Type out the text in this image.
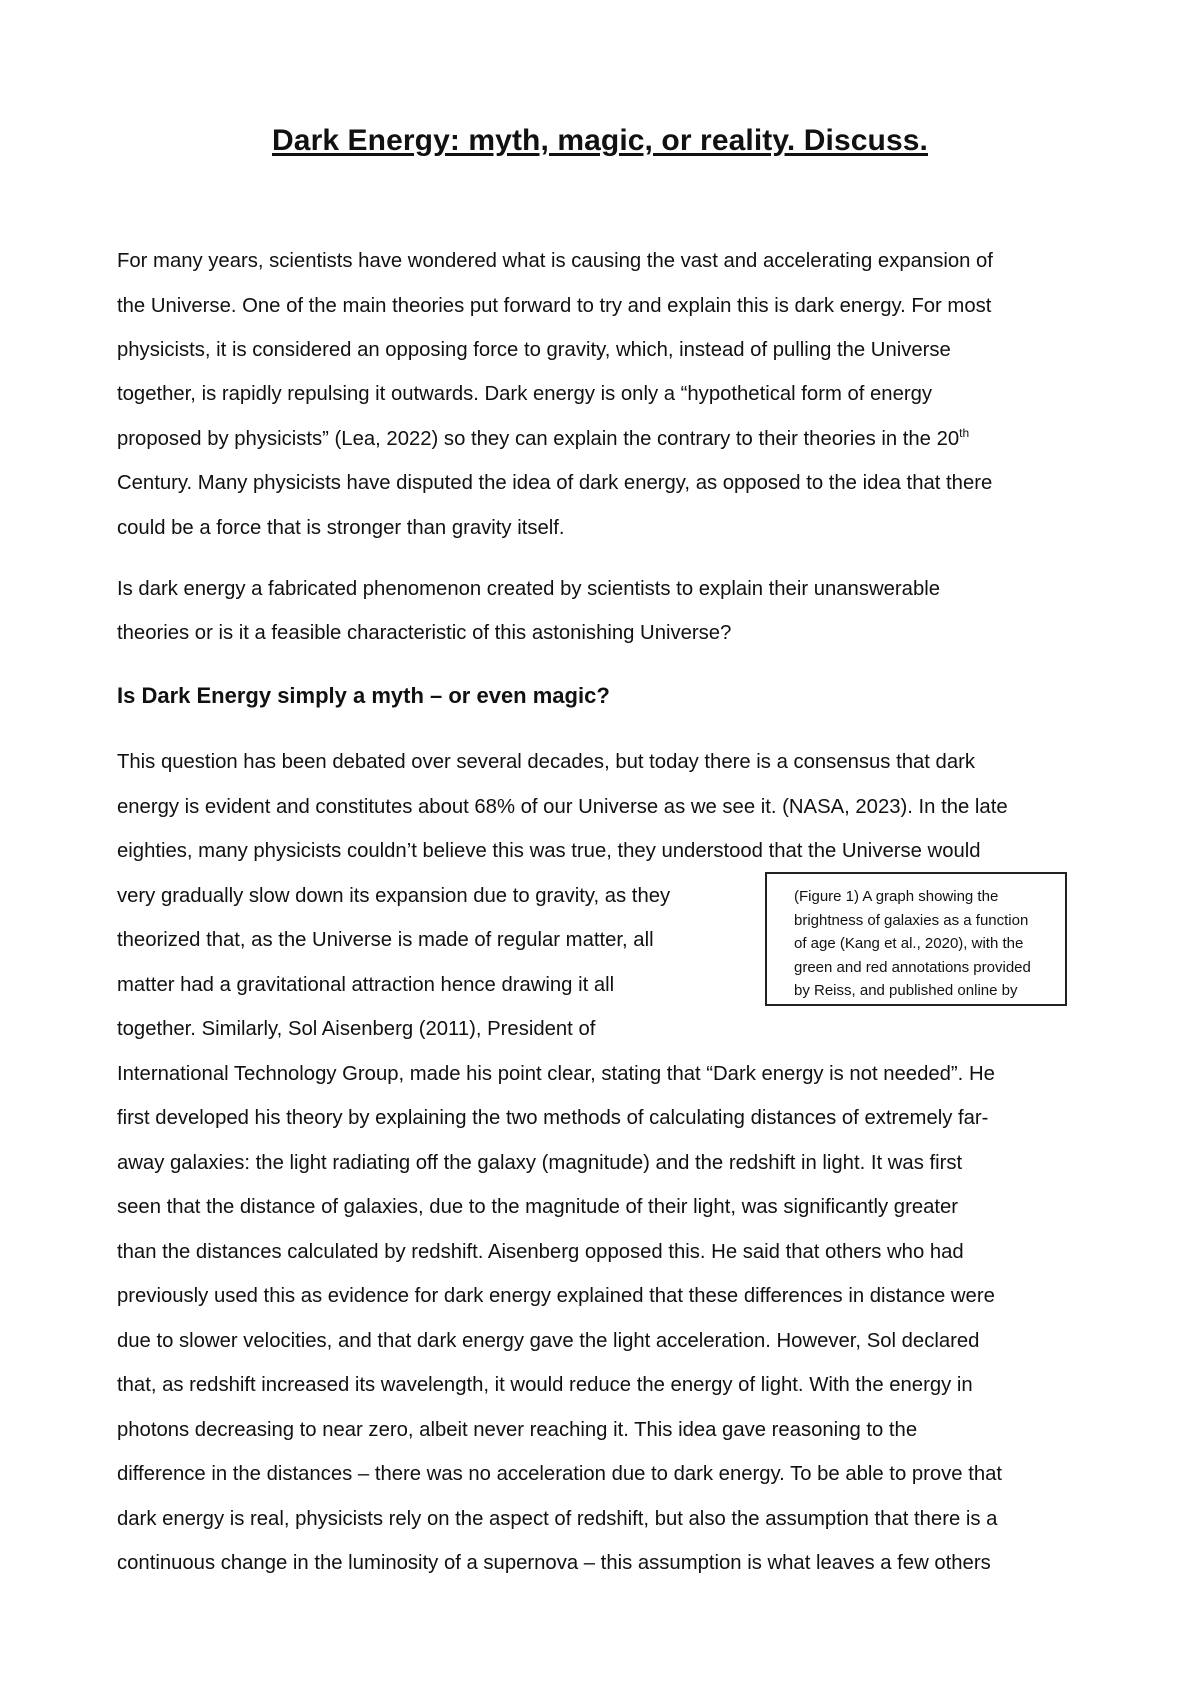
Dark Energy: myth, magic, or reality. Discuss.
For many years, scientists have wondered what is causing the vast and accelerating expansion of
the Universe. One of the main theories put forward to try and explain this is dark energy. For most
physicists, it is considered an opposing force to gravity, which, instead of pulling the Universe
together, is rapidly repulsing it outwards. Dark energy is only a “hypothetical form of energy
proposed by physicists” (Lea, 2022) so they can explain the contrary to their theories in the 20th
Century. Many physicists have disputed the idea of dark energy, as opposed to the idea that there
could be a force that is stronger than gravity itself.
Is dark energy a fabricated phenomenon created by scientists to explain their unanswerable
theories or is it a feasible characteristic of this astonishing Universe?
Is Dark Energy simply a myth – or even magic?
This question has been debated over several decades, but today there is a consensus that dark
energy is evident and constitutes about 68% of our Universe as we see it. (NASA, 2023). In the late
eighties, many physicists couldn’t believe this was true, they understood that the Universe would
very gradually slow down its expansion due to gravity, as they
theorized that, as the Universe is made of regular matter, all
matter had a gravitational attraction hence drawing it all
together. Similarly, Sol Aisenberg (2011), President of
International Technology Group, made his point clear, stating that “Dark energy is not needed”. He
first developed his theory by explaining the two methods of calculating distances of extremely far-
away galaxies: the light radiating off the galaxy (magnitude) and the redshift in light. It was first
seen that the distance of galaxies, due to the magnitude of their light, was significantly greater
than the distances calculated by redshift. Aisenberg opposed this. He said that others who had
previously used this as evidence for dark energy explained that these differences in distance were
due to slower velocities, and that dark energy gave the light acceleration. However, Sol declared
that, as redshift increased its wavelength, it would reduce the energy of light. With the energy in
photons decreasing to near zero, albeit never reaching it. This idea gave reasoning to the
difference in the distances – there was no acceleration due to dark energy. To be able to prove that
dark energy is real, physicists rely on the aspect of redshift, but also the assumption that there is a
continuous change in the luminosity of a supernova – this assumption is what leaves a few others
(Figure 1) A graph showing the
brightness of galaxies as a function
of age (Kang et al., 2020), with the
green and red annotations provided
by Reiss, and published online by
